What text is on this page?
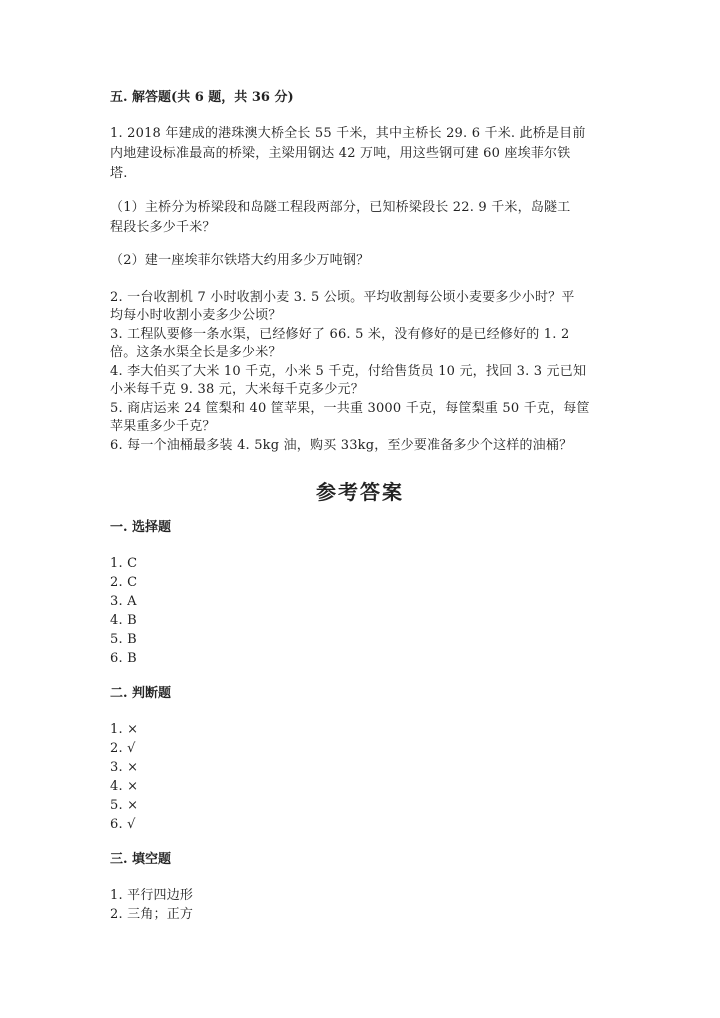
五. 解答题(共 6 题，共 36 分)
1. 2018 年建成的港珠澳大桥全长 55 千米，其中主桥长 29. 6 千米. 此桥是目前
内地建设标准最高的桥梁，主梁用钢达 42 万吨，用这些钢可建 60 座埃菲尔铁
塔.
（1）主桥分为桥梁段和岛隧工程段两部分，已知桥梁段长 22. 9 千米，岛隧工
程段长多少千米？
（2）建一座埃菲尔铁塔大约用多少万吨钢？
2. 一台收割机 7 小时收割小麦 3. 5 公顷。平均收割每公顷小麦要多少小时？平
均每小时收割小麦多少公顷？
3. 工程队要修一条水渠，已经修好了 66. 5 米，没有修好的是已经修好的 1. 2
倍。这条水渠全长是多少米？
4. 李大伯买了大米 10 千克，小米 5 千克，付给售货员 10 元，找回 3. 3 元已知
小米每千克 9. 38 元，大米每千克多少元？
5. 商店运来 24 筐梨和 40 筐苹果，一共重 3000 千克，每筐梨重 50 千克，每筐
苹果重多少千克？
6. 每一个油桶最多装 4. 5kg 油，购买 33kg，至少要准备多少个这样的油桶？
参考答案
一. 选择题
1. C
2. C
3. A
4. B
5. B
6. B
二. 判断题
1. ×
2. √
3. ×
4. ×
5. ×
6. √
三. 填空题
1. 平行四边形
2. 三角；正方
